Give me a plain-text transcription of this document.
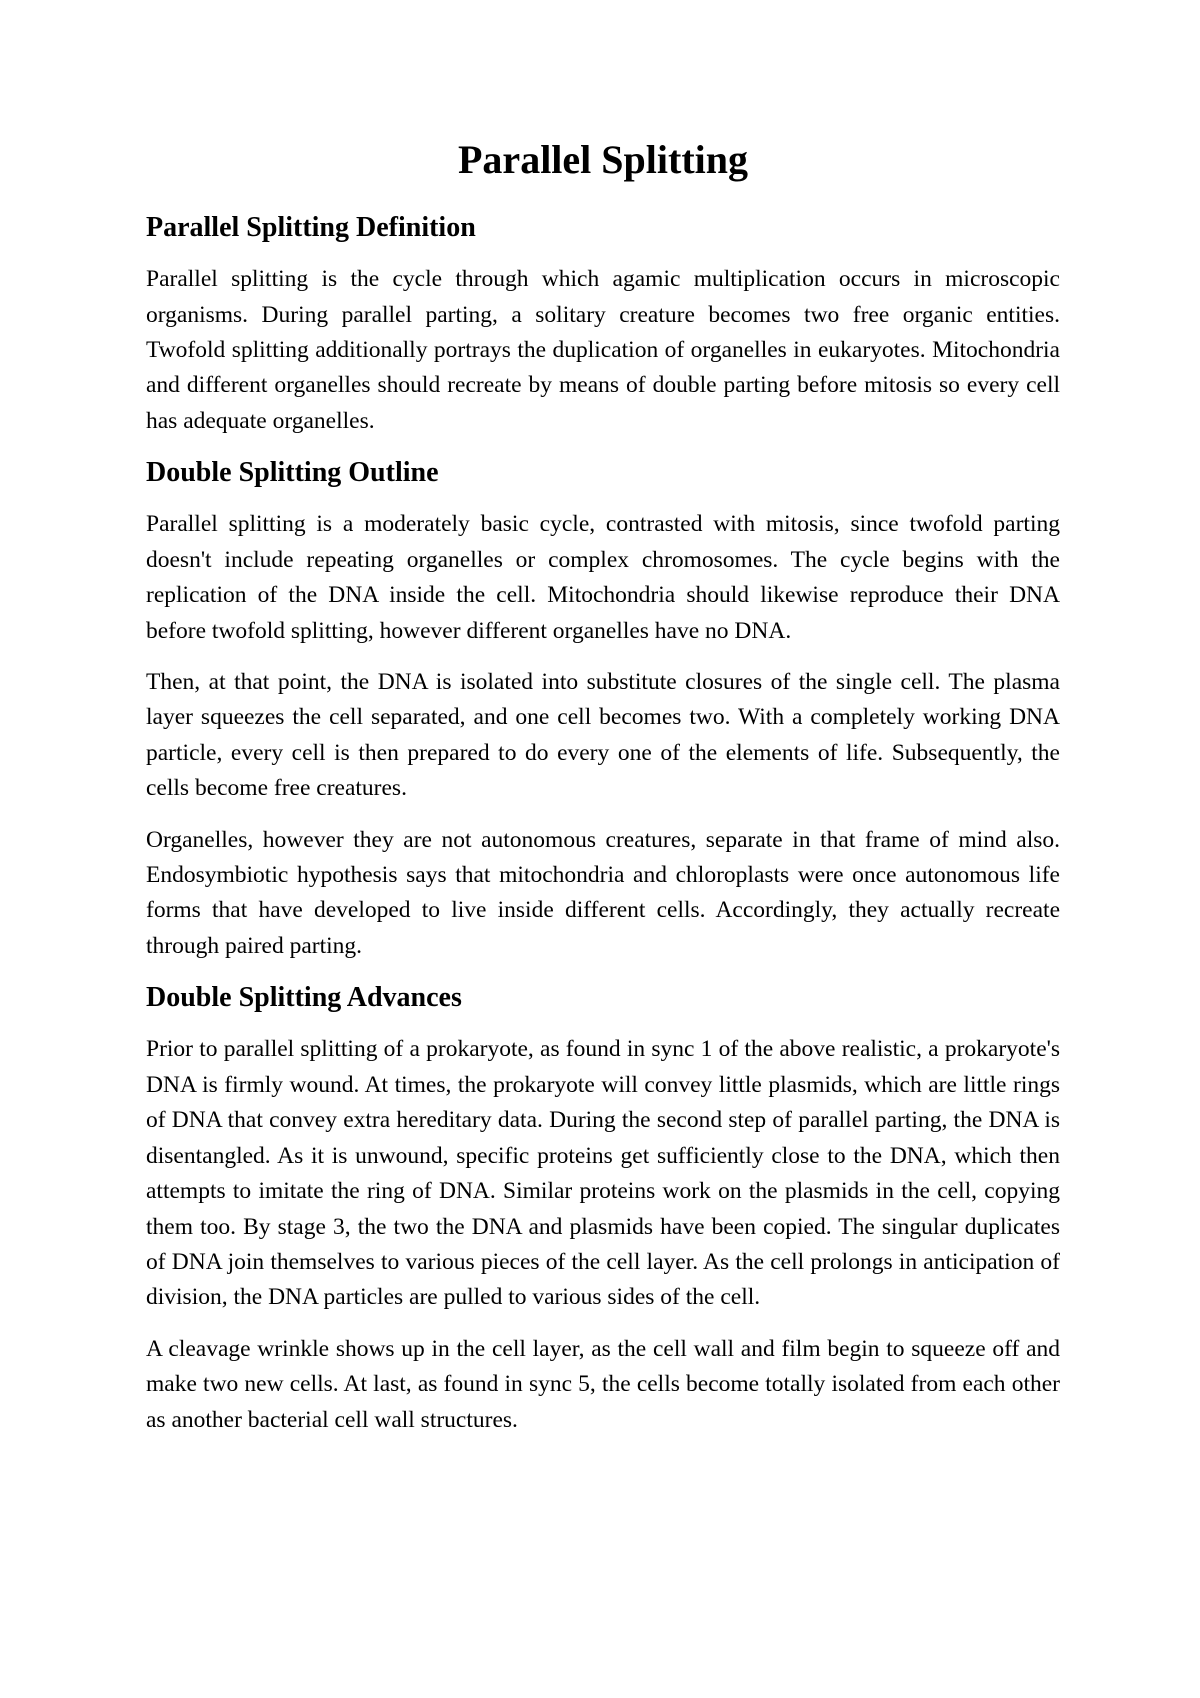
Parallel Splitting
Parallel Splitting Definition

Parallel splitting is the cycle through which agamic multiplication occurs in microscopic organisms. During parallel parting, a solitary creature becomes two free organic entities. Twofold splitting additionally portrays the duplication of organelles in eukaryotes. Mitochondria and different organelles should recreate by means of double parting before mitosis so every cell has adequate organelles.

Double Splitting Outline

Parallel splitting is a moderately basic cycle, contrasted with mitosis, since twofold parting doesn't include repeating organelles or complex chromosomes. The cycle begins with the replication of the DNA inside the cell. Mitochondria should likewise reproduce their DNA before twofold splitting, however different organelles have no DNA.

Then, at that point, the DNA is isolated into substitute closures of the single cell. The plasma layer squeezes the cell separated, and one cell becomes two. With a completely working DNA particle, every cell is then prepared to do every one of the elements of life. Subsequently, the cells become free creatures.

Organelles, however they are not autonomous creatures, separate in that frame of mind also. Endosymbiotic hypothesis says that mitochondria and chloroplasts were once autonomous life forms that have developed to live inside different cells. Accordingly, they actually recreate through paired parting.

Double Splitting Advances

Prior to parallel splitting of a prokaryote, as found in sync 1 of the above realistic, a prokaryote's DNA is firmly wound. At times, the prokaryote will convey little plasmids, which are little rings of DNA that convey extra hereditary data. During the second step of parallel parting, the DNA is disentangled. As it is unwound, specific proteins get sufficiently close to the DNA, which then attempts to imitate the ring of DNA. Similar proteins work on the plasmids in the cell, copying them too. By stage 3, the two the DNA and plasmids have been copied. The singular duplicates of DNA join themselves to various pieces of the cell layer. As the cell prolongs in anticipation of division, the DNA particles are pulled to various sides of the cell.

A cleavage wrinkle shows up in the cell layer, as the cell wall and film begin to squeeze off and make two new cells. At last, as found in sync 5, the cells become totally isolated from each other as another bacterial cell wall structures.
